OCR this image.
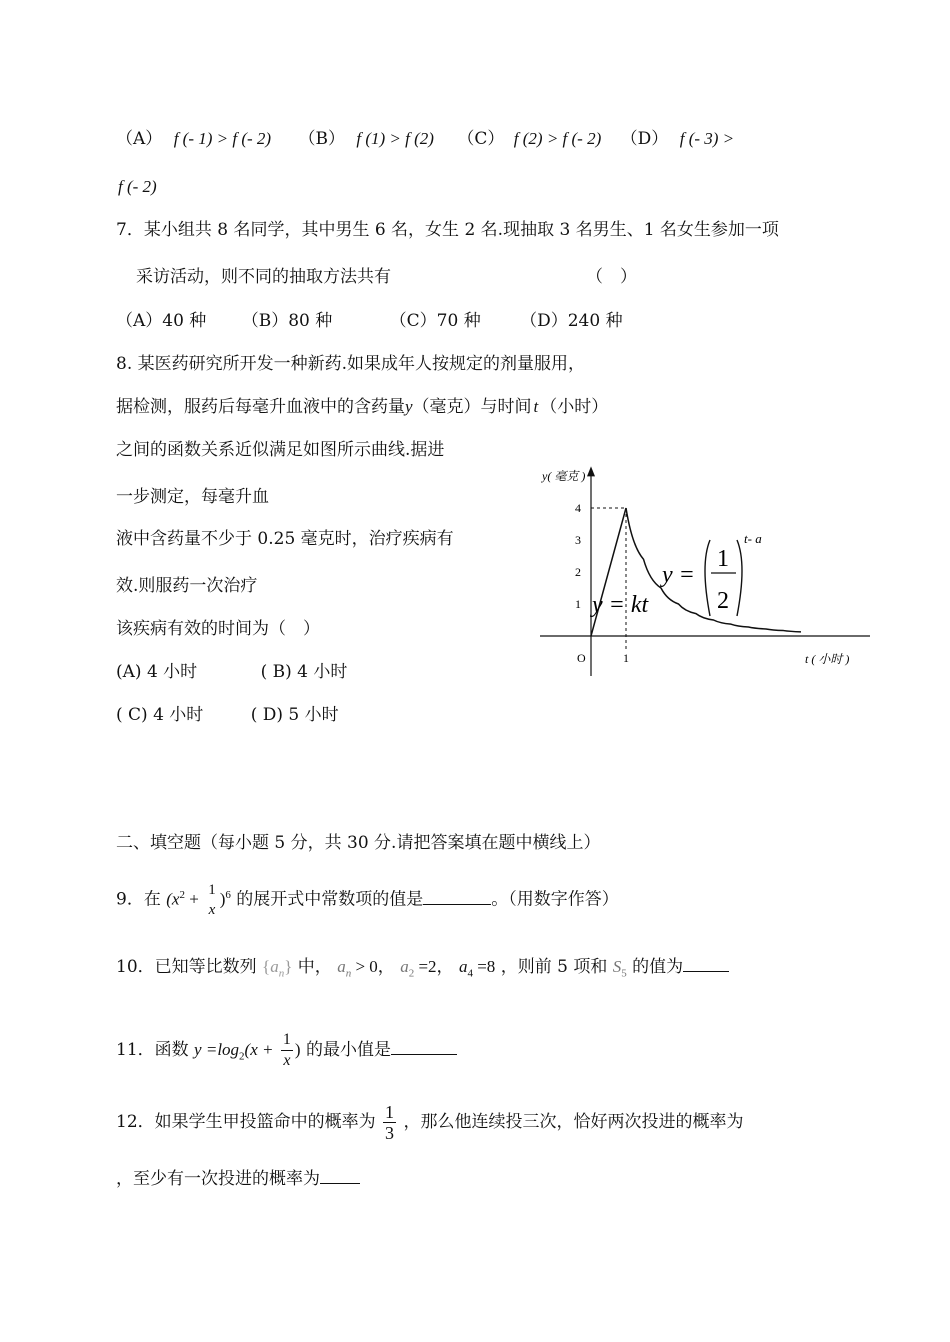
（A） f (- 1) > f (- 2) （B） f (1) > f (2) （C） f (2) > f (- 2) （D） f (- 3) >
f (- 2)
7．某小组共 8 名同学，其中男生 6 名，女生 2 名.现抽取 3 名男生、1 名女生参加一项
采访活动，则不同的抽取方法共有	（　）
（A）40 种 （B）80 种	（C）70 种 （D）240 种
8. 某医药研究所开发一种新药.如果成年人按规定的剂量服用，
据检测，服药后每毫升血液中的含药量y（毫克）与时间 t （小时）
之间的函数关系近似满足如图所示曲线.据进
一步测定，每毫升血
液中含药量不少于 0.25 毫克时，治疗疾病有
效.则服药一次治疗
该疾病有效的时间为（　）
(A) 4 小时	( B) 4 小时
( C) 4 小时	( D) 5 小时
y( 毫克 )
t ( 小时 )
O
1
2
3
4
1
y = kt
y =
1
2
t- a
二、填空题（每小题 5 分，共 30 分.请把答案填在题中横线上）
9．在 ($x^2 + 1$
x
)$^6$ 的展开式中常数项的值是	。（用数字作答）
10．已知等比数列 $\{a_n\}$ 中， $a_n > 0$， $a_2 =2$， $a_4 =8$ ，则前 5 项和 $S_5$ 的值为
11．函数 $y =\log_2(x + \frac{1}{x}$ ) 的最小值是
12．如果学生甲投篮命中的概率为 $\frac{1}{3}$ ，那么他连续投三次，恰好两次投进的概率为
，至少有一次投进的概率为
